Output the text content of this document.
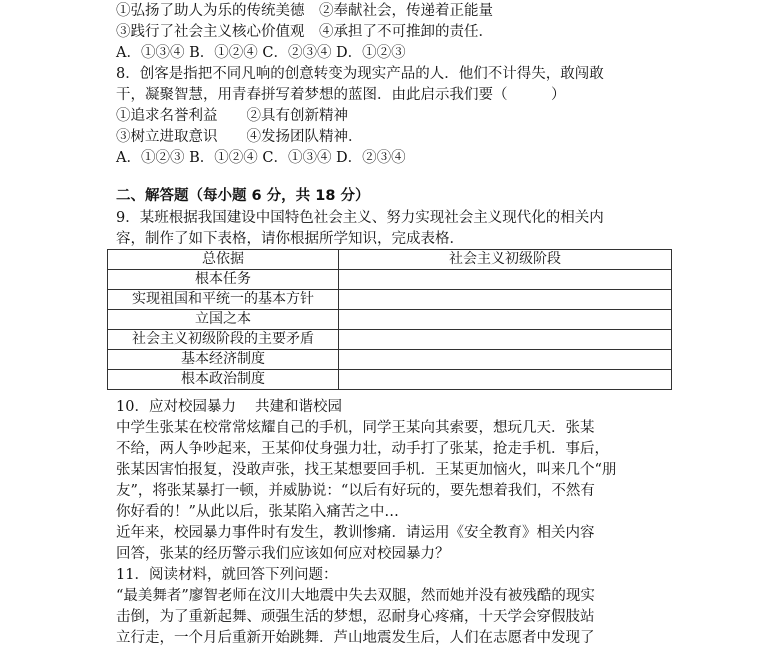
①弘扬了助人为乐的传统美德　②奉献社会，传递着正能量
③践行了社会主义核心价值观　④承担了不可推卸的责任．
A．①③④ B．①②④ C．②③④ D．①②③
8．创客是指把不同凡响的创意转变为现实产品的人．他们不计得失，敢闯敢
干，凝聚智慧，用青春拼写着梦想的蓝图．由此启示我们要（　　　）
①追求名誉利益　　②具有创新精神
③树立进取意识　　④发扬团队精神．
A．①②③ B．①②④ C．①③④ D．②③④
二、解答题（每小题 6 分，共 18 分）
9．某班根据我国建设中国特色社会主义、努力实现社会主义现代化的相关内
容，制作了如下表格，请你根据所学知识，完成表格．
总依据	社会主义初级阶段
根本任务	
实现祖国和平统一的基本方针	
立国之本	
社会主义初级阶段的主要矛盾	
基本经济制度	
根本政治制度	
10．应对校园暴力　 共建和谐校园
中学生张某在校常常炫耀自己的手机，同学王某向其索要，想玩几天．张某
不给，两人争吵起来，王某仰仗身强力壮，动手打了张某，抢走手机．事后，
张某因害怕报复，没敢声张，找王某想要回手机．王某更加恼火，叫来几个“朋
友”，将张某暴打一顿，并威胁说：“以后有好玩的，要先想着我们，不然有
你好看的！”从此以后，张某陷入痛苦之中…
近年来，校园暴力事件时有发生，教训惨痛．请运用《安全教育》相关内容
回答，张某的经历警示我们应该如何应对校园暴力？
11．阅读材料，就回答下列问题：
“最美舞者”廖智老师在汶川大地震中失去双腿，然而她并没有被残酷的现实
击倒，为了重新起舞、顽强生活的梦想，忍耐身心疼痛，十天学会穿假肢站
立行走，一个月后重新开始跳舞．芦山地震发生后，人们在志愿者中发现了
